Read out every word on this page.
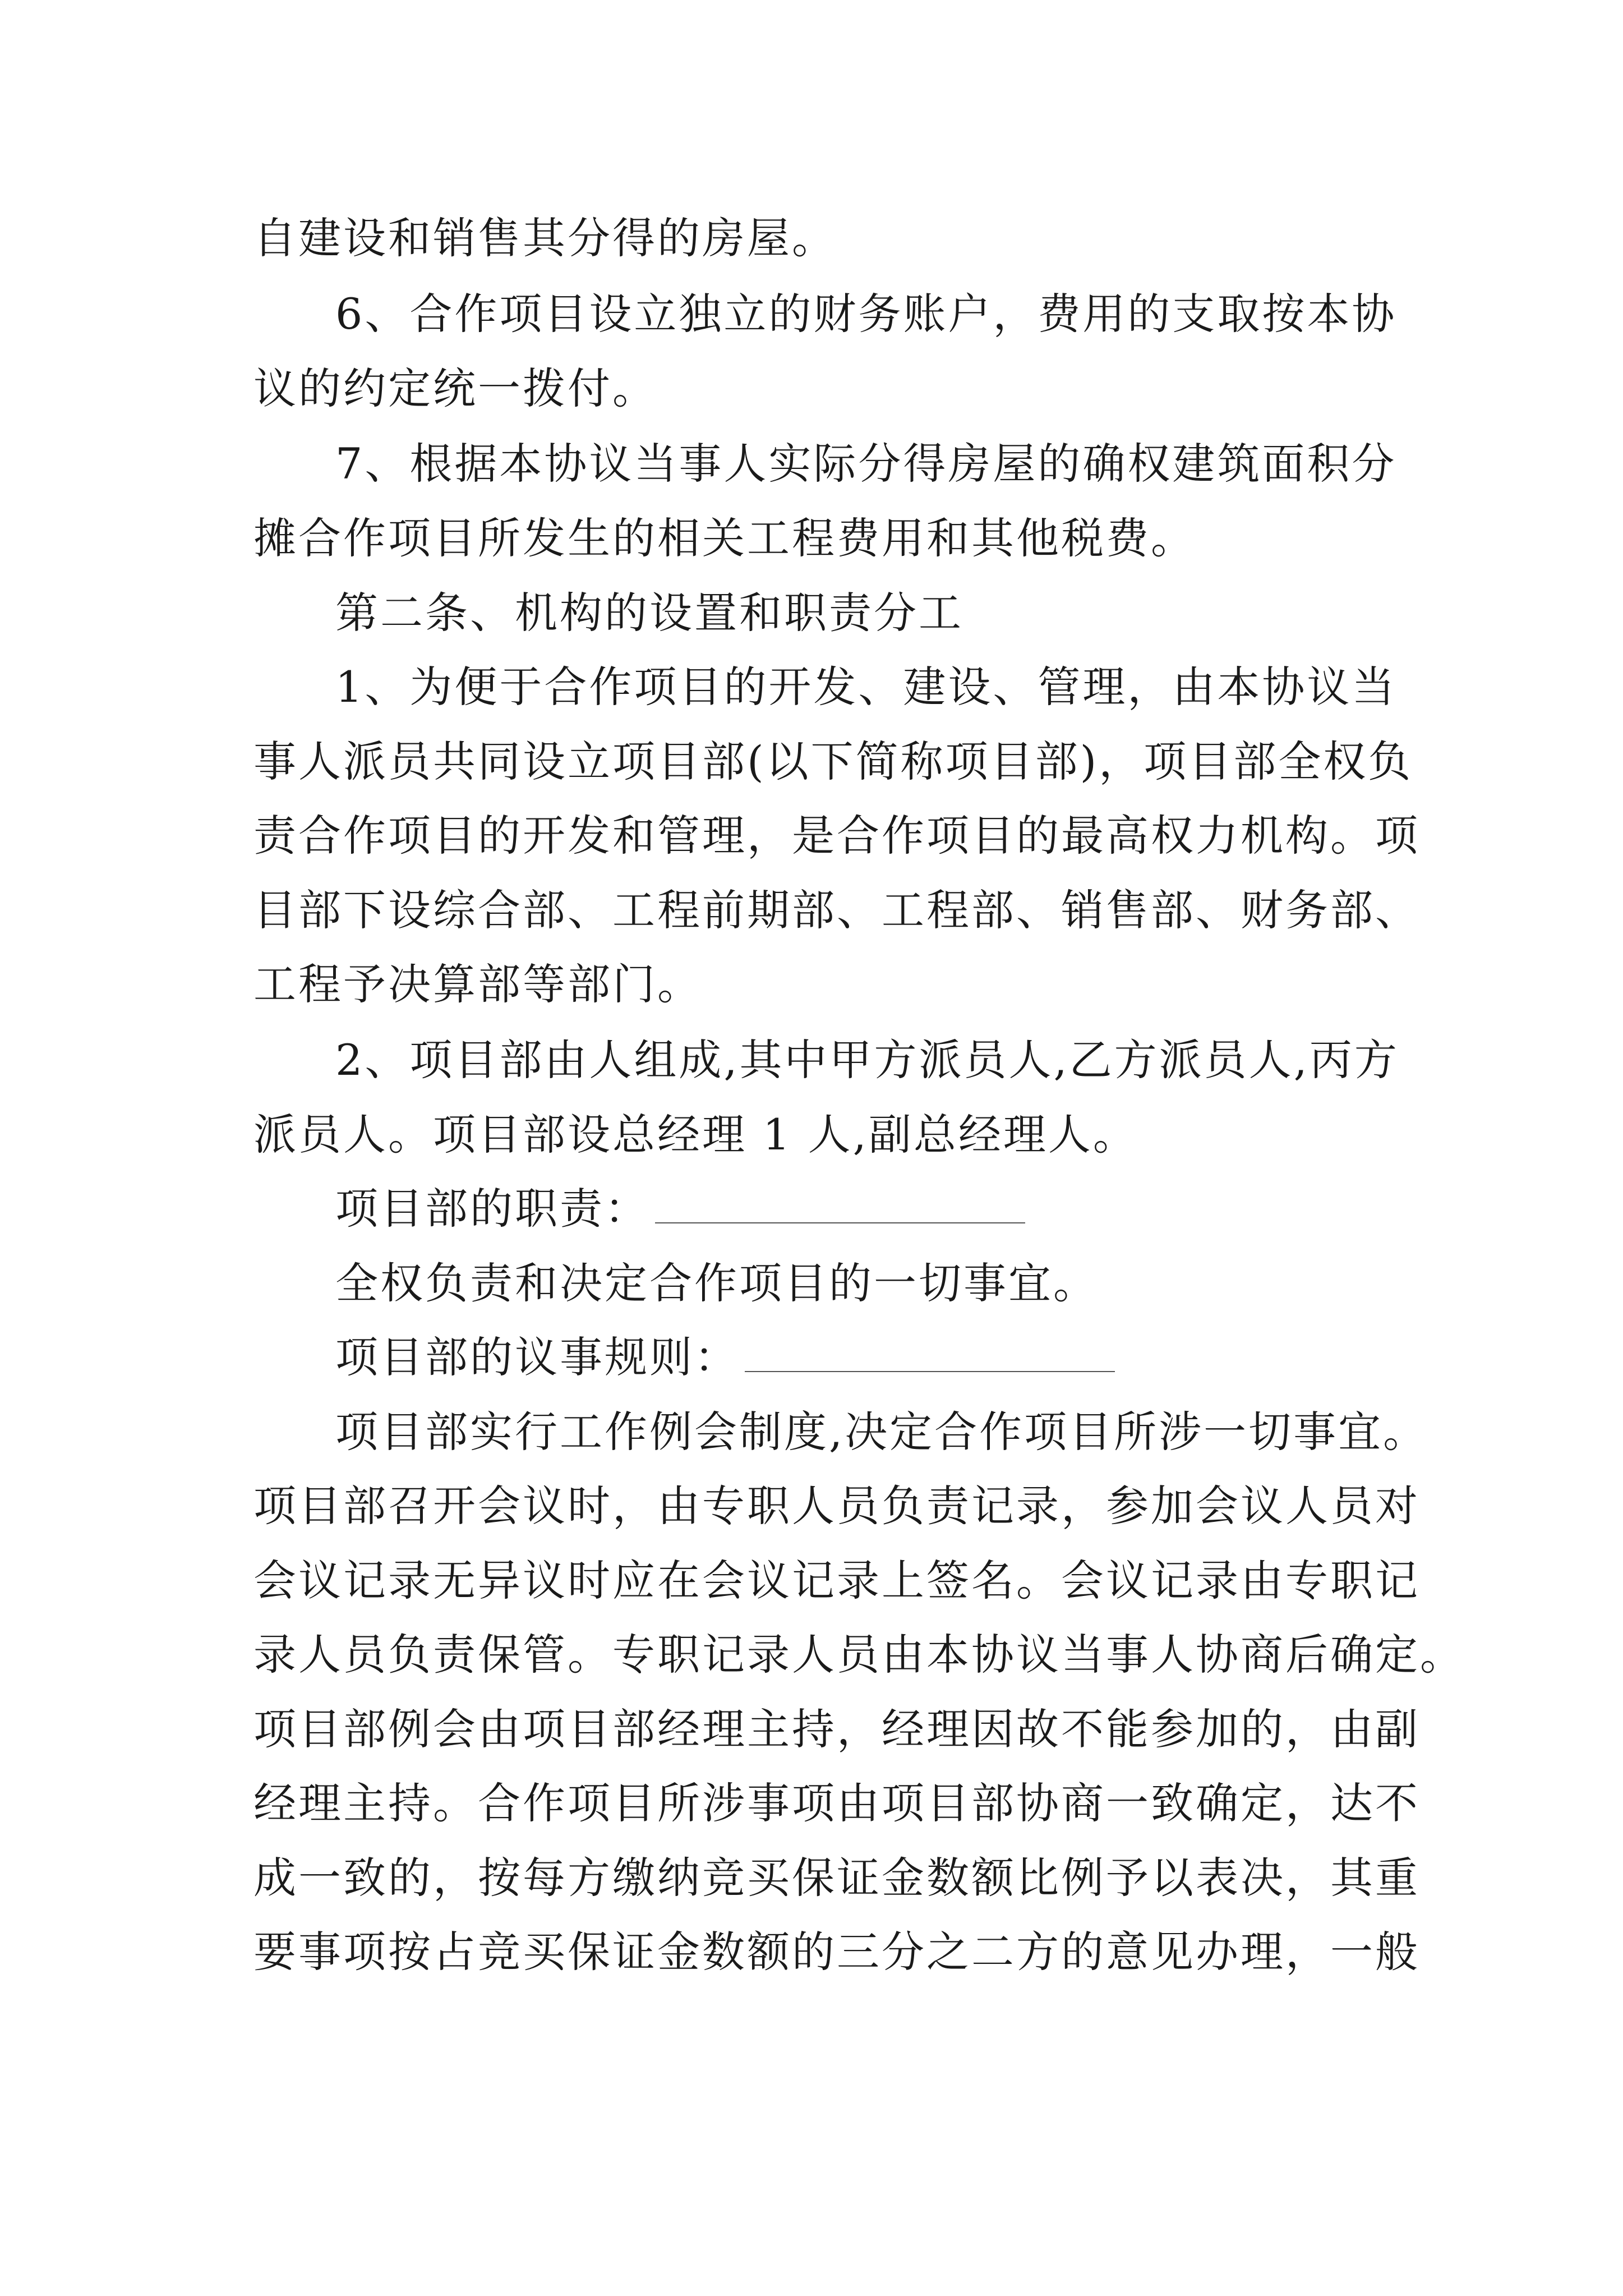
自建设和销售其分得的房屋。
6、合作项目设立独立的财务账户，费用的支取按本协
议的约定统一拨付。
7、根据本协议当事人实际分得房屋的确权建筑面积分
摊合作项目所发生的相关工程费用和其他税费。
第二条、机构的设置和职责分工
1、为便于合作项目的开发、建设、管理，由本协议当
事人派员共同设立项目部(以下简称项目部)，项目部全权负
责合作项目的开发和管理，是合作项目的最高权力机构。项
目部下设综合部、工程前期部、工程部、销售部、财务部、
工程予决算部等部门。
2、项目部由人组成,其中甲方派员人,乙方派员人,丙方
派员人。项目部设总经理 1 人,副总经理人。
项目部的职责：
全权负责和决定合作项目的一切事宜。
项目部的议事规则：
项目部实行工作例会制度,决定合作项目所涉一切事宜。
项目部召开会议时，由专职人员负责记录，参加会议人员对
会议记录无异议时应在会议记录上签名。会议记录由专职记
录人员负责保管。专职记录人员由本协议当事人协商后确定。
项目部例会由项目部经理主持，经理因故不能参加的，由副
经理主持。合作项目所涉事项由项目部协商一致确定，达不
成一致的，按每方缴纳竞买保证金数额比例予以表决，其重
要事项按占竞买保证金数额的三分之二方的意见办理，一般
